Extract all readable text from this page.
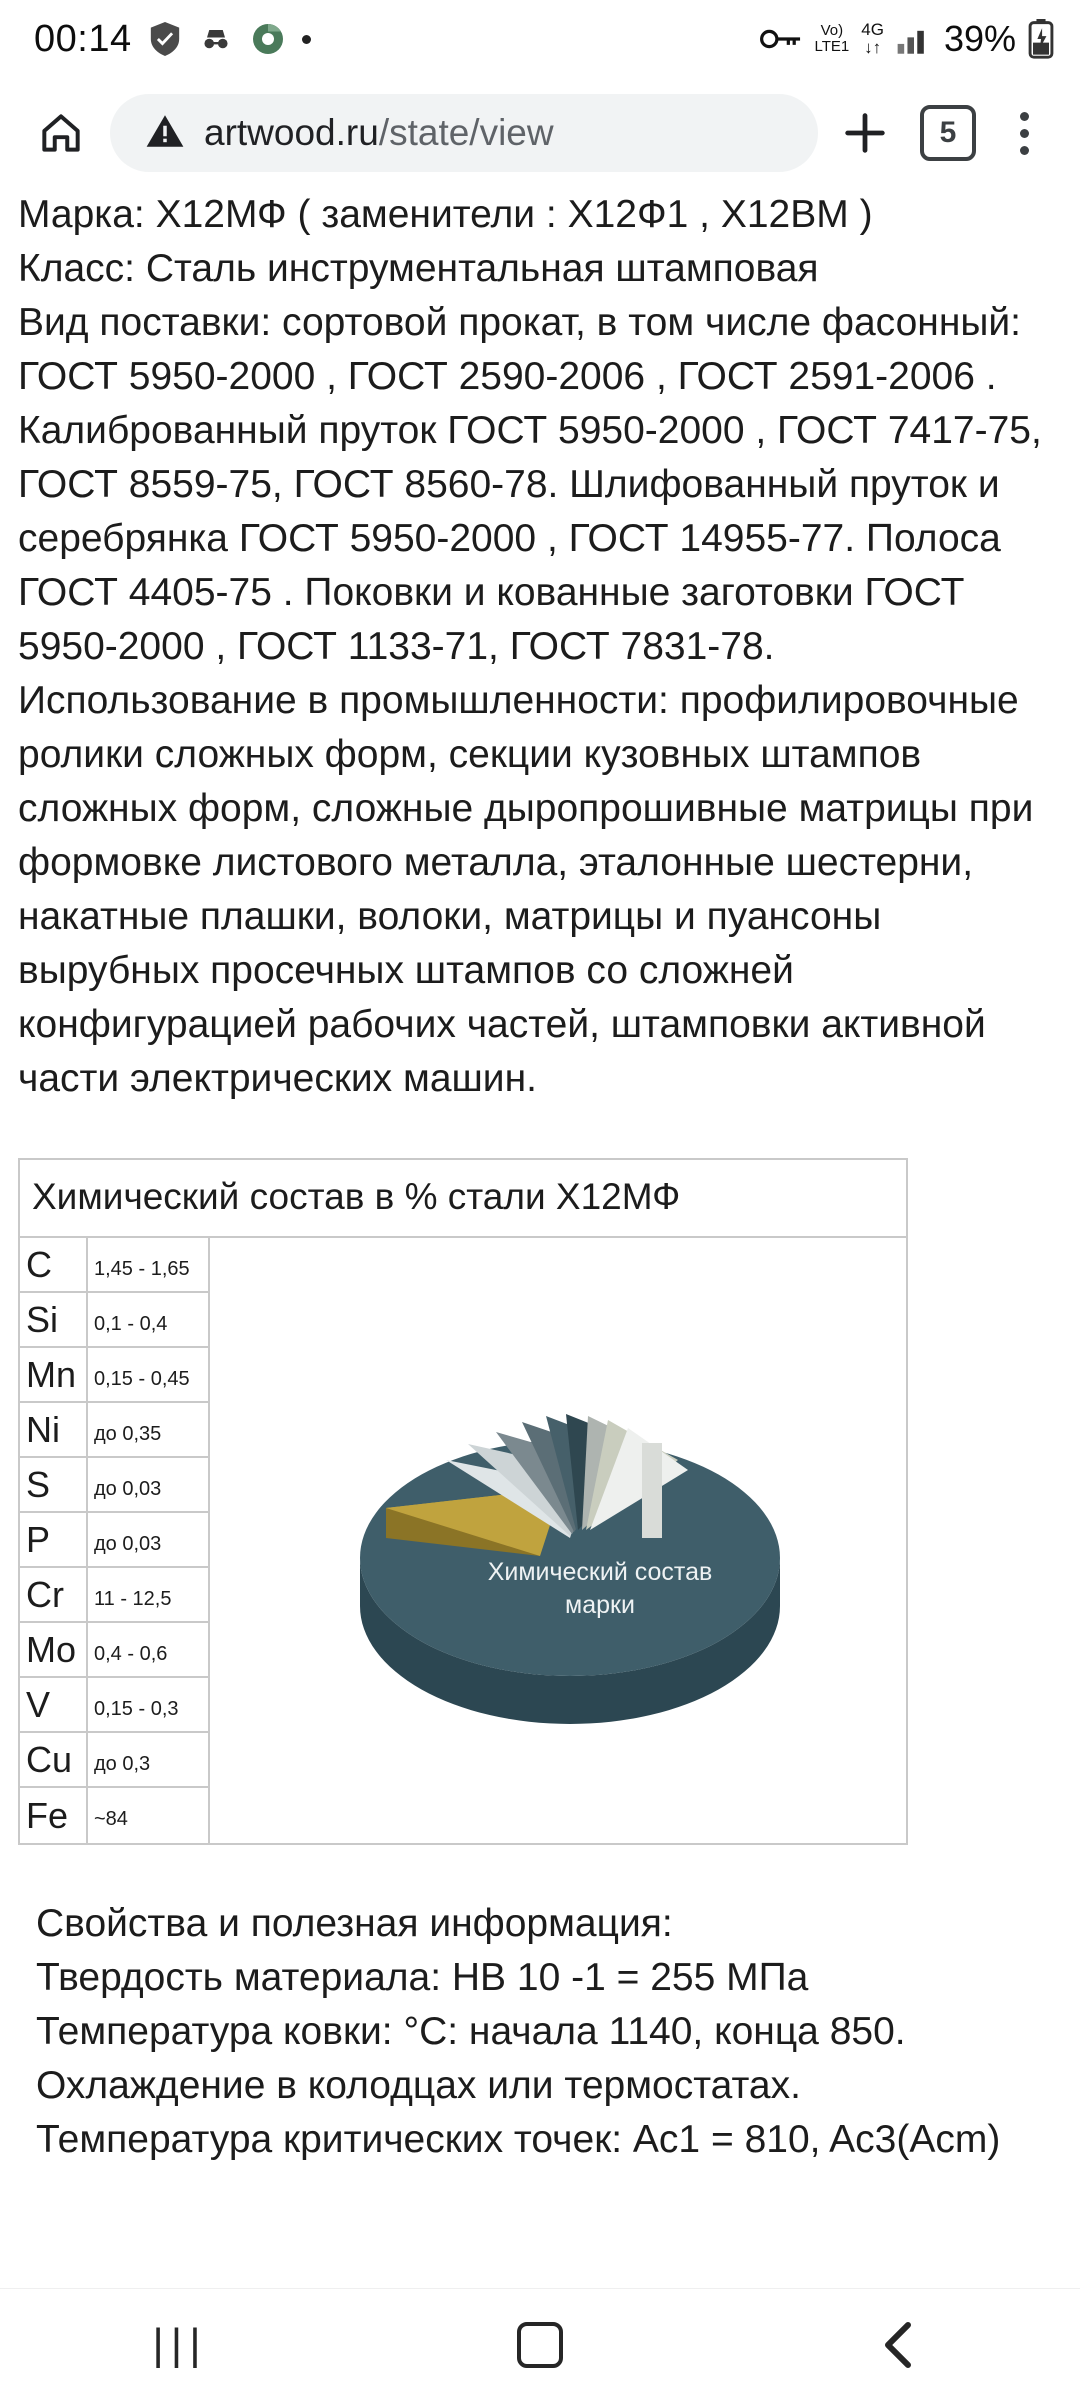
00:14	Vo)
LTE1
4G
↓↑ 39%
artwood.ru/state/view	5

Марка: Х12МФ ( заменители : Х12Ф1 , Х12ВМ )

Класс: Сталь инструментальная штамповая

Вид поставки: сортовой прокат, в том числе фасонный: ГОСТ 5950-2000 , ГОСТ 2590-2006 , ГОСТ 2591-2006 . Калиброванный пруток ГОСТ 5950-2000 , ГОСТ 7417-75, ГОСТ 8559-75, ГОСТ 8560-78. Шлифованный пруток и серебрянка ГОСТ 5950-2000 , ГОСТ 14955-77. Полоса ГОСТ 4405-75 . Поковки и кованные заготовки ГОСТ 5950-2000 , ГОСТ 1133-71, ГОСТ 7831-78.

Использование в промышленности: профилировочные ролики сложных форм, секции кузовных штампов сложных форм, сложные дыропрошивные матрицы при формовке листового металла, эталонные шестерни, накатные плашки, волоки, матрицы и пуансоны вырубных просечных штампов со сложней конфигурацией рабочих частей, штамповки активной части электрических машин.

Химический состав в % стали Х12МФ
C	1,45 - 1,65
Si	0,1 - 0,4
Mn 0,15 - 0,45
Ni	до 0,35
S	до 0,03
P	до 0,03
Cr	11 - 12,5
Mo 0,4 - 0,6
V	0,15 - 0,3
Cu	до 0,3
Fe	~84
Химический состав марки

Свойства и полезная информация:

Твердость материала: HB 10 -1 = 255 МПа

Температура ковки: °C: начала 1140, конца 850.

Охлаждение в колодцах или термостатах.

Температура критических точек: Ac1 = 810, Ac3(Acm)

|||
